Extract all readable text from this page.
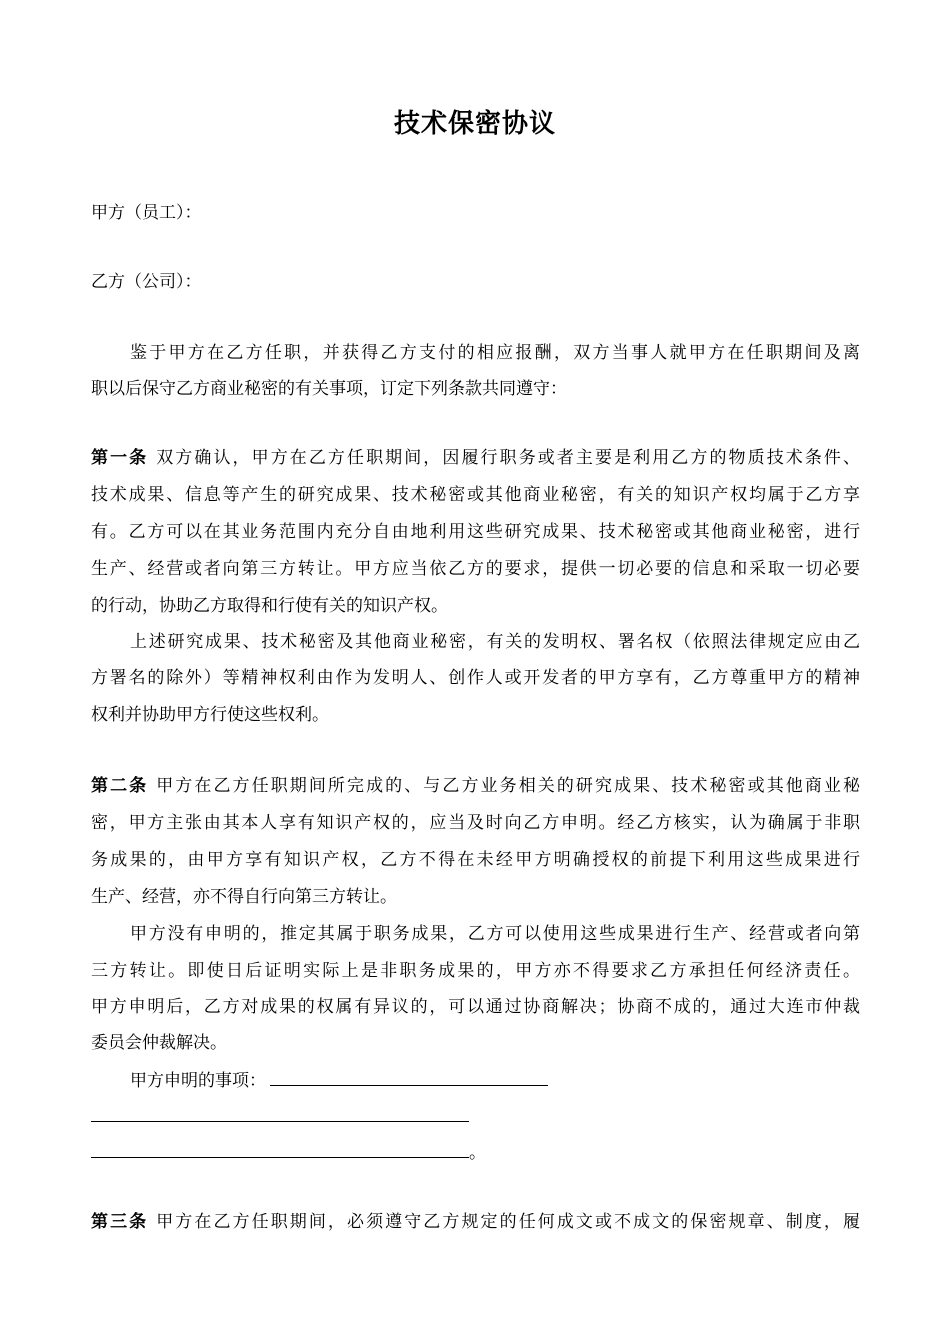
技术保密协议
甲方（员工）：
乙方（公司）：
鉴于甲方在乙方任职，并获得乙方支付的相应报酬，双方当事人就甲方在任职期间及离
职以后保守乙方商业秘密的有关事项，订定下列条款共同遵守：
第一条 双方确认，甲方在乙方任职期间，因履行职务或者主要是利用乙方的物质技术条件、
技术成果、信息等产生的研究成果、技术秘密或其他商业秘密，有关的知识产权均属于乙方享
有。乙方可以在其业务范围内充分自由地利用这些研究成果、技术秘密或其他商业秘密，进行
生产、经营或者向第三方转让。甲方应当依乙方的要求，提供一切必要的信息和采取一切必要
的行动，协助乙方取得和行使有关的知识产权。
上述研究成果、技术秘密及其他商业秘密，有关的发明权、署名权（依照法律规定应由乙
方署名的除外）等精神权利由作为发明人、创作人或开发者的甲方享有，乙方尊重甲方的精神
权利并协助甲方行使这些权利。
第二条 甲方在乙方任职期间所完成的、与乙方业务相关的研究成果、技术秘密或其他商业秘
密，甲方主张由其本人享有知识产权的，应当及时向乙方申明。经乙方核实，认为确属于非职
务成果的，由甲方享有知识产权，乙方不得在未经甲方明确授权的前提下利用这些成果进行
生产、经营，亦不得自行向第三方转让。
甲方没有申明的，推定其属于职务成果，乙方可以使用这些成果进行生产、经营或者向第
三方转让。即使日后证明实际上是非职务成果的，甲方亦不得要求乙方承担任何经济责任。
甲方申明后，乙方对成果的权属有异议的，可以通过协商解决；协商不成的，通过大连市仲裁
委员会仲裁解决。
甲方申明的事项：
。
第三条 甲方在乙方任职期间，必须遵守乙方规定的任何成文或不成文的保密规章、制度，履
